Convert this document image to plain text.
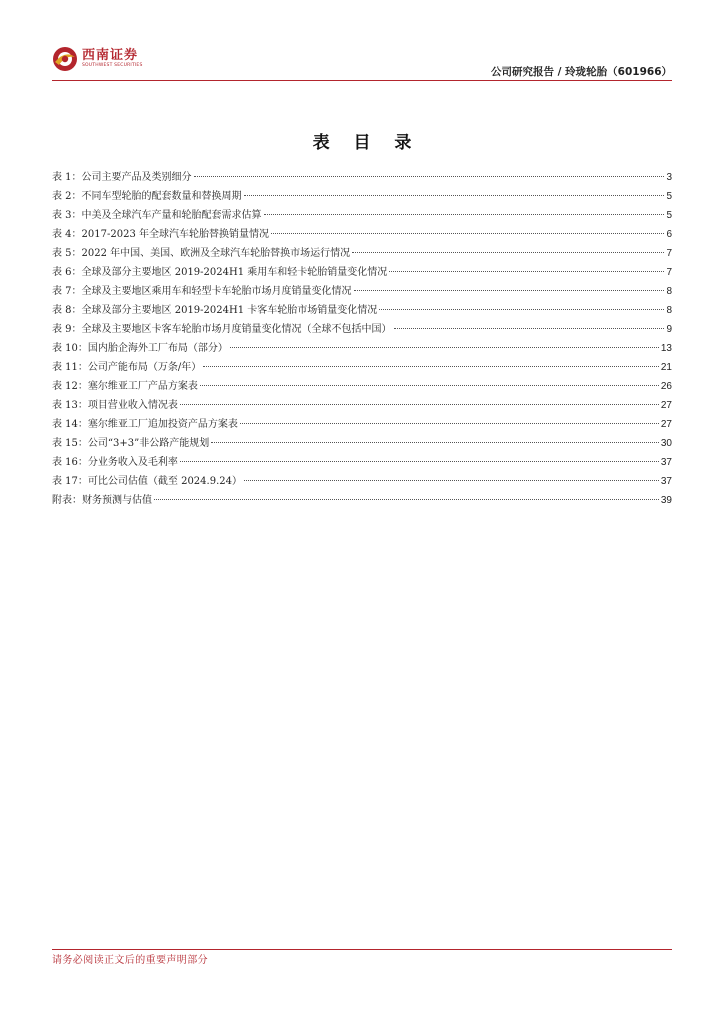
西南证券
SOUTHWEST SECURITIES
公司研究报告 / 玲珑轮胎（601966）
表 目 录
表 1：公司主要产品及类别细分	3
表 2：不同车型轮胎的配套数量和替换周期	5
表 3：中美及全球汽车产量和轮胎配套需求估算	5
表 4：2017-2023 年全球汽车轮胎替换销量情况	6
表 5：2022 年中国、美国、欧洲及全球汽车轮胎替换市场运行情况	7
表 6：全球及部分主要地区 2019-2024H1 乘用车和轻卡轮胎销量变化情况	7
表 7：全球及主要地区乘用车和轻型卡车轮胎市场月度销量变化情况	8
表 8：全球及部分主要地区 2019-2024H1 卡客车轮胎市场销量变化情况	8
表 9：全球及主要地区卡客车轮胎市场月度销量变化情况（全球不包括中国）	9
表 10：国内胎企海外工厂布局（部分）	13
表 11：公司产能布局（万条/年）	21
表 12：塞尔维亚工厂产品方案表	26
表 13：项目营业收入情况表	27
表 14：塞尔维亚工厂追加投资产品方案表	27
表 15：公司“3+3”非公路产能规划	30
表 16：分业务收入及毛利率	37
表 17：可比公司估值（截至 2024.9.24）	37
附表：财务预测与估值	39
请务必阅读正文后的重要声明部分
